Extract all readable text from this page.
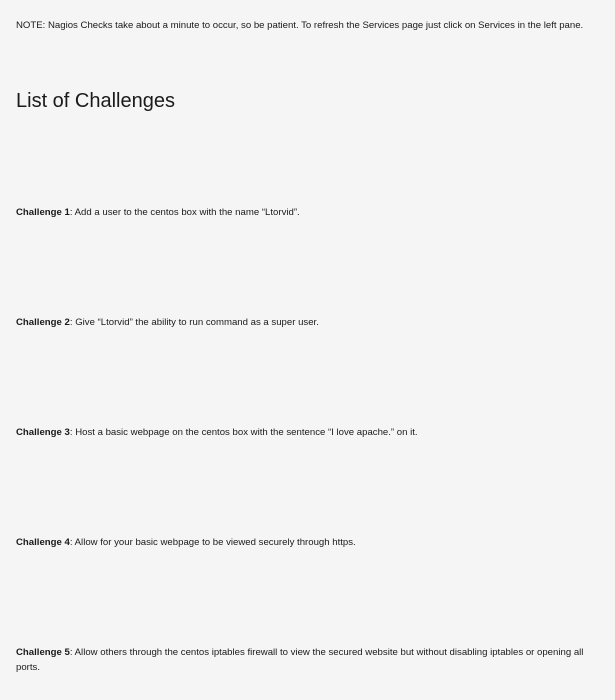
NOTE: Nagios Checks take about a minute to occur, so be patient. To refresh the Services page just click on Services in the left pane.

List of Challenges

Challenge 1: Add a user to the centos box with the name “Ltorvid”.

Challenge 2: Give “Ltorvid” the ability to run command as a super user.

Challenge 3: Host a basic webpage on the centos box with the sentence “I love apache.” on it.

Challenge 4: Allow for your basic webpage to be viewed securely through https.

Challenge 5: Allow others through the centos iptables firewall to view the secured website but without disabling iptables or opening all ports.
